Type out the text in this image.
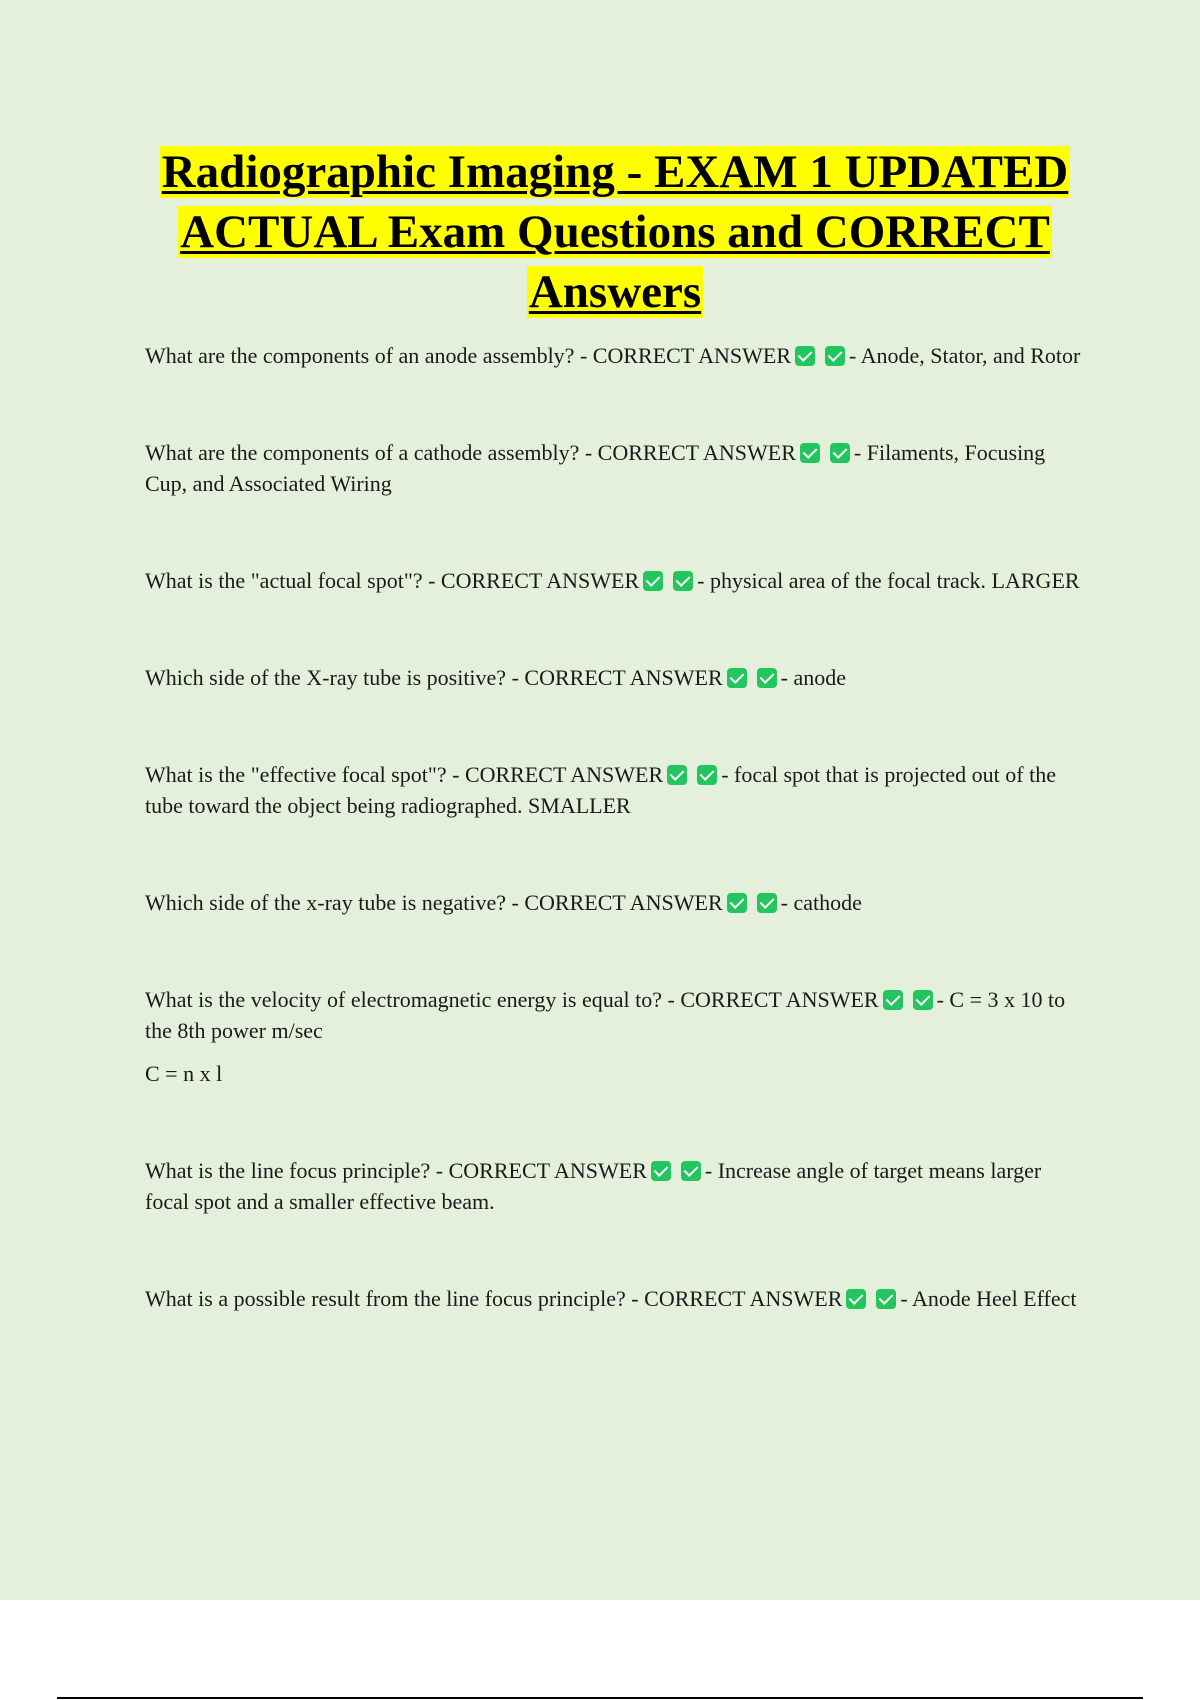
Radiographic Imaging - EXAM 1 UPDATED ACTUAL Exam Questions and CORRECT Answers

What are the components of an anode assembly? - CORRECT ANSWER	- Anode, Stator, and Rotor

What are the components of a cathode assembly? - CORRECT ANSWER	- Filaments, Focusing Cup, and Associated Wiring

What is the "actual focal spot"? - CORRECT ANSWER	- physical area of the focal track. LARGER

Which side of the X-ray tube is positive? - CORRECT ANSWER	- anode

What is the "effective focal spot"? - CORRECT ANSWER	- focal spot that is projected out of the tube toward the object being radiographed. SMALLER

Which side of the x-ray tube is negative? - CORRECT ANSWER	- cathode

What is the velocity of electromagnetic energy is equal to? - CORRECT ANSWER	- C = 3 x 10 to the 8th power m/sec
C = n x l

What is the line focus principle? - CORRECT ANSWER	- Increase angle of target means larger focal spot and a smaller effective beam.

What is a possible result from the line focus principle? - CORRECT ANSWER	- Anode Heel Effect
